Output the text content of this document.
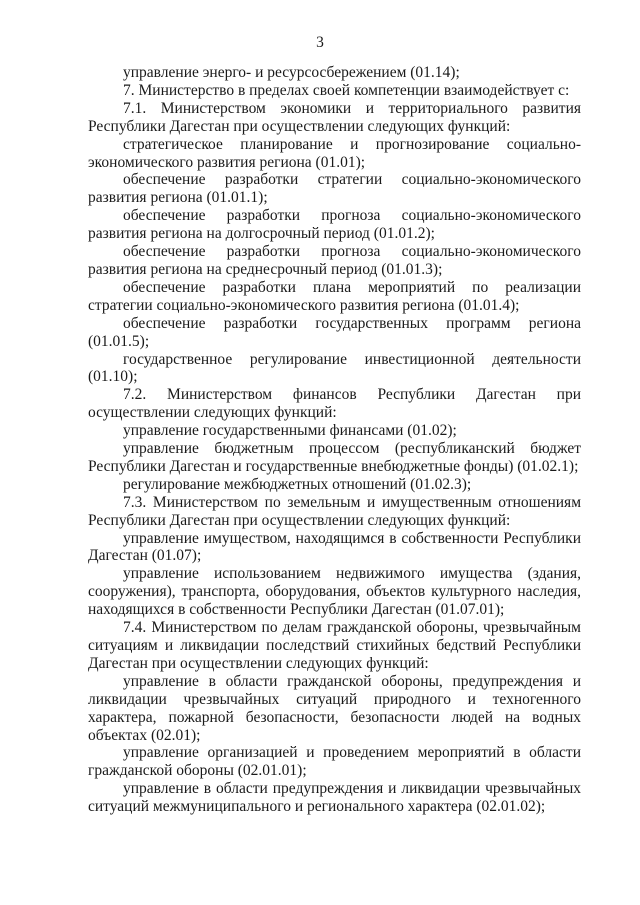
3

управление энерго- и ресурсосбережением (01.14);

7. Министерство в пределах своей компетенции взаимодействует с:

7.1. Министерством экономики и территориального развития Республики Дагестан при осуществлении следующих функций:

стратегическое планирование и прогнозирование социально-экономического развития региона (01.01);

обеспечение разработки стратегии социально-экономического развития региона (01.01.1);

обеспечение разработки прогноза социально-экономического развития региона на долгосрочный период (01.01.2);

обеспечение разработки прогноза социально-экономического развития региона на среднесрочный период (01.01.3);

обеспечение разработки плана мероприятий по реализации стратегии социально-экономического развития региона (01.01.4);

обеспечение разработки государственных программ региона (01.01.5);

государственное регулирование инвестиционной деятельности (01.10);

7.2. Министерством финансов Республики Дагестан при осуществлении следующих функций:

управление государственными финансами (01.02);

управление бюджетным процессом (республиканский бюджет Республики Дагестан и государственные внебюджетные фонды) (01.02.1);

регулирование межбюджетных отношений (01.02.3);

7.3. Министерством по земельным и имущественным отношениям Республики Дагестан при осуществлении следующих функций:

управление имуществом, находящимся в собственности Республики Дагестан (01.07);

управление использованием недвижимого имущества (здания, сооружения), транспорта, оборудования, объектов культурного наследия, находящихся в собственности Республики Дагестан (01.07.01);

7.4. Министерством по делам гражданской обороны, чрезвычайным ситуациям и ликвидации последствий стихийных бедствий Республики Дагестан при осуществлении следующих функций:

управление в области гражданской обороны, предупреждения и ликвидации чрезвычайных ситуаций природного и техногенного характера, пожарной безопасности, безопасности людей на водных объектах (02.01);

управление организацией и проведением мероприятий в области гражданской обороны (02.01.01);

управление в области предупреждения и ликвидации чрезвычайных ситуаций межмуниципального и регионального характера (02.01.02);
